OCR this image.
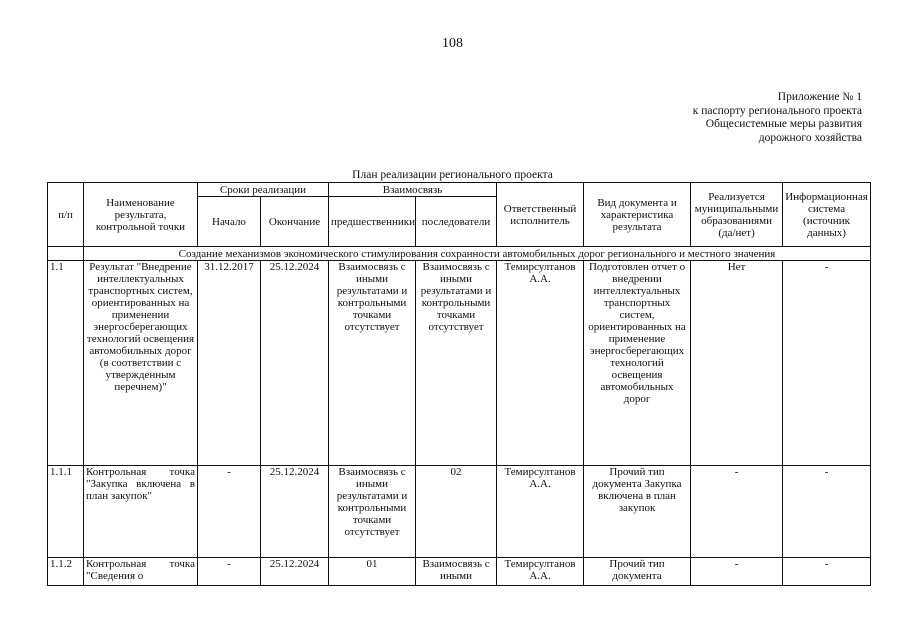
108
Приложение № 1
к паспорту регионального проекта
Общесистемные меры развития
дорожного хозяйства
План реализации регионального проекта
п/п	Наименование результата, контрольной точки	Сроки реализации		Взаимосвязь		Ответственный исполнитель	Вид документа и характеристика результата	Реализуется муниципальными образованиями (да/нет)	Информационная система (источник данных)
		Начало	Окончание	предшественники	последователи				
	Создание механизмов экономического стимулирования сохранности автомобильных дорог регионального и местного значения								
1.1	Результат "Внедрение интеллектуальных транспортных систем, ориентированных на применении энергосберегающих технологий освещения автомобильных дорог (в соответствии с утвержденным перечнем)"	31.12.2017	25.12.2024	Взаимосвязь с иными результатами и контрольными точками отсутствует	Взаимосвязь с иными результатами и контрольными точками отсутствует	Темирсултанов А.А.	Подготовлен отчет о внедрении интеллектуальных транспортных систем, ориентированных на применение энергосберегающих технологий освещения автомобильных дорог	Нет	-
1.1.1	Контрольная точка "Закупка включена в план закупок"	-	25.12.2024	Взаимосвязь с иными результатами и контрольными точками отсутствует	02	Темирсултанов А.А.	Прочий тип документа Закупка включена в план закупок	-	-
1.1.2	Контрольная точка "Сведения о	-	25.12.2024	01	Взаимосвязь с иными	Темирсултанов А.А.	Прочий тип документа	-	-
